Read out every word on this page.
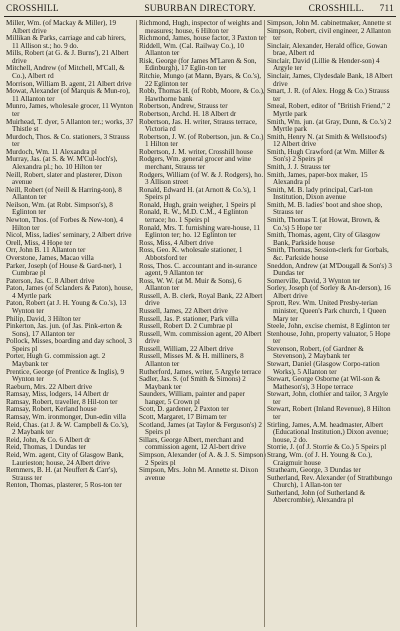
CROSSHILL	SUBURBAN DIRECTORY.	CROSSHILL. 711
Miller, Wm. (of Mackay & Miller), 19 Albert drive
Millikan & Parks, carriage and cab hirers, 11 Allison st.; ho. 9 do.
Mills, Robert (at G. & J. Burns'), 21 Albert drive
Mitchell, Andrew (of Mitchell, M'Call, & Co.), Albert rd
Morrison, William B. agent, 21 Albert drive
Mowat, Alexander (of Marquis & Mun-ro), 11 Allanton ter
Munro, James, wholesale grocer, 11 Wynton ter
Muirhead, T. dyer, 5 Allanton ter.; works, 37 Thistle st
Murdoch, Thos. & Co. stationers, 3 Strauss ter
Murdoch, Wm. 11 Alexandra pl
Murray, Jas. (at S. & W. M'Cul-loch's), Alexandra pl.; ho. 10 Hilton ter
Neill, Robert, slater and plasterer, Dixon avenue
Neill, Robert (of Neill & Harring-ton), 8 Allanton ter
Neilson, Wm. (at Robt. Simpson's), 8 Eglinton ter
Newton, Thos. (of Forbes & New-ton), 4 Hilton ter
Nicol, Miss, ladies' seminary, 2 Albert drive
Orell, Miss, 4 Hope ter
Orr, John B. 11 Allanton ter
Overstone, James, Macao villa
Parker, Joseph (of House & Gard-ner), 1 Cumbrae pl
Paterson, Jas. C. 8 Albert drive
Paton, James (of Sclanders & Paton), house, 4 Myrtle park
Paton, Robert (at J. H. Young & Co.'s), 13 Wynton ter
Philip, David, 3 Hilton ter
Pinkerton, Jas. jun. (of Jas. Pink-erton & Sons), 17 Allanton ter
Pollock, Misses, boarding and day school, 3 Speirs pl
Porter, Hugh G. commission agt. 2 Maybank ter
Prentice, George (of Prentice & Inglis), 9 Wynton ter
Raeburn, Mrs. 22 Albert drive
Ramsay, Miss, lodgers, 14 Albert dr
Ramsay, Robert, traveller, 8 Hil-ton ter
Ramsay, Robert, Kerland house
Ramsay, Wm. ironmonger, Dun-edin villa
Reid, Chas. (at J. & W. Campbell & Co.'s), 2 Maybank ter
Reid, John, & Co. 6 Albert dr
Reid, Thomas, 1 Dundas ter
Reid, Wm. agent, City of Glasgow Bank, Laurieston; house, 24 Albert drive
Remmers, B. H. (at Neuffert & Carr's), Strauss ter
Renton, Thomas, plasterer, 5 Ros-ton ter
Richmond, Hugh, inspector of weights and measures; house, 6 Hilton ter
Richmond, James, house factor, 3 Paxton ter
Riddell, Wm. (Cal. Railway Co.), 10 Allanton ter
Risk, George (for James M'Laren & Son, Edinburgh), 17 Eglin-ton ter
Ritchie, Mungo (at Mann, Byars, & Co.'s), 22 Eglinton ter
Robb, Thomas H. (of Robb, Moore, & Co.), Hawthorne bank
Robertson, Andrew, Strauss ter
Robertson, Archd. H. 18 Albert dr
Robertson, Jas. H. writer, Strauss terrace, Victoria rd
Robertson, J. W. (of Robertson, jun. & Co.), 1 Hilton ter
Robertson, J. M. writer, Crosshill house
Rodgers, Wm. general grocer and wine merchant, Strauss ter
Rodgers, William (of W. & J. Rodgers), ho. 3 Allison street
Ronald, Edward H. (at Arnott & Co.'s), 1 Speirs pl
Ronald, Hugh, grain weigher, 1 Speirs pl
Ronald, R. W., M.D. C.M., 4 Eglinton terrace; ho. 1 Speirs pl
Ronald, Mrs. T. furnishing ware-house, 11 Eglinton ter; ho. 12 Eglinton ter
Ross, Miss, 4 Albert drive
Ross, Geo. K. wholesale stationer, 1 Abbotsford ter
Ross, Thos. C. accountant and in-surance agent, 9 Allanton ter
Ross, W. W. (at M. Muir & Sons), 6 Allanton ter
Russell, A. B. clerk, Royal Bank, 22 Albert drive
Russell, James, 22 Albert drive
Russell, Jas. P. stationer, Park villa
Russell, Robert D. 2 Cumbrae pl
Russell, Wm. commission agent, 20 Albert drive
Russell, William, 22 Albert drive
Russell, Misses M. & H. milliners, 8 Allanton ter
Rutherford, James, writer, 5 Argyle terrace
Sadler, Jas. S. (of Smith & Simons) 2 Maybank ter
Saunders, William, painter and paper hanger, 5 Crown pl
Scott, D. gardener, 2 Paxton ter
Scott, Margaret, 17 Birnam ter
Scotland, James (at Taylor & Ferguson's) 2 Speirs pl
Sillars, George Albert, merchant and commission agent, 12 Al-bert drive
Simpson, Alexander (of A. & J. S. Simpson) 2 Speirs pl
Simpson, Mrs. John M. Annette st. Dixon avenue
Simpson, John M. cabinetmaker, Annette st
Simpson, Robert, civil engineer, 2 Allanton ter
Sinclair, Alexander, Herald office, Gowan brae, Albert rd
Sinclair, David (Lillie & Hender-son) 4 Argyle ter
Sinclair, James, Clydesdale Bank, 18 Albert drive
Smart, J. R. (of Alex. Hogg & Co.) Strauss ter
Smeal, Robert, editor of "British Friend," 2 Myrtle park
Smith, Wm. jun. (at Gray, Dunn, & Co.'s) 2 Myrtle park
Smith, Henry N. (at Smith & Wellstood's) 12 Albert drive
Smith, Hugh Crawford (at Wm. Miller & Son's) 2 Speirs pl
Smith, J. J. Strauss ter
Smith, James, paper-box maker, 15 Alexandra pl
Smith, M. B. lady principal, Carl-ton Institution, Dixon avenue
Smith, M. B. ladies' boot and shoe shop, Strauss ter
Smith, Thomas T. (at Howat, Brown, & Co.'s) 5 Hope ter
Smith, Thomas, agent, City of Glasgow Bank, Parkside house
Smith, Thomas, Session-clerk for Gorbals, &c. Parkside house
Sneddon, Andrew (at M'Dougall & Son's) 3 Dundas ter
Somerville, David, 3 Wynton ter
Sorley, Joseph (of Sorley & An-derson), 16 Albert drive
Sprott, Rev. Wm. United Presby-terian minister, Queen's Park church, 1 Queen Mary ter
Steele, John, excise chemist, 8 Eglinton ter
Stenhouse, John, property valuator, 5 Hope ter
Stevenson, Robert, (of Gardner & Stevenson), 2 Maybank ter
Stewart, Daniel (Glasgow Corpo-ration Works), 5 Allanton ter
Stewart, George Osborne (at Wil-son & Matheson's), 3 Hope terrace
Stewart, John, clothier and tailor, 3 Argyle ter
Stewart, Robert (Inland Revenue), 8 Hilton ter
Stirling, James, A.M. headmaster, Albert (Educational Institution,) Dixon avenue; house, 2 do.
Storrie, J. (of J. Storrie & Co.) 5 Speirs pl
Strang, Wm. (of J. H. Young & Co.), Craigmuir house
Strathearn, George, 3 Dundas ter
Sutherland, Rev. Alexander (of Strathbungo Church), 1 Allan-ton ter
Sutherland, John (of Sutherland & Abercrombie), Alexandra pl
